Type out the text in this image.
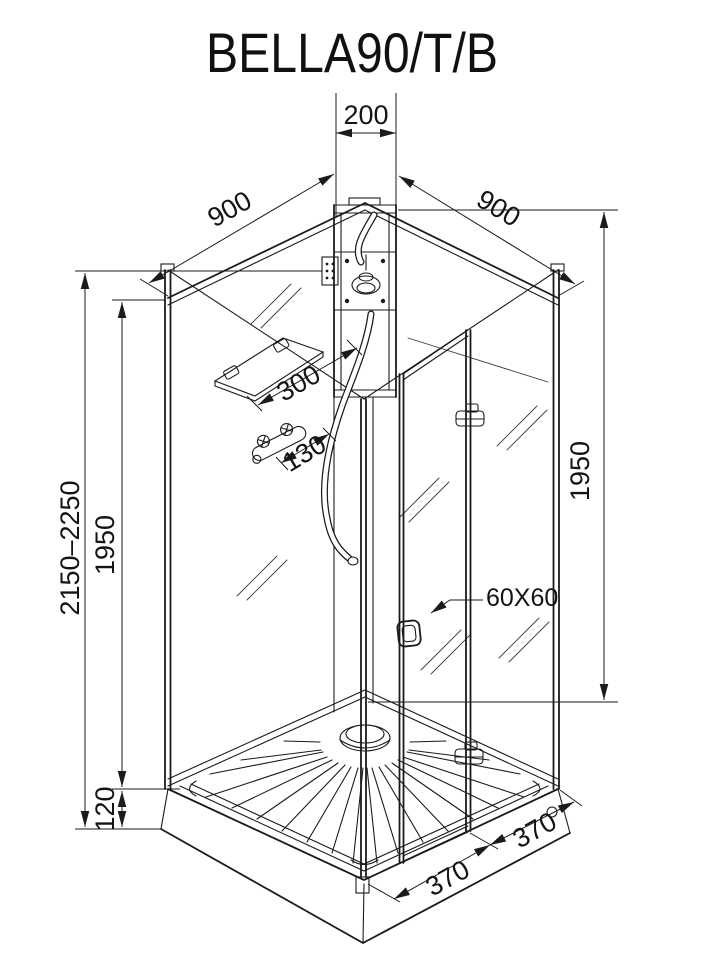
BELLA90/T/B
200
900	900
1950
2150–2250 1950
120
300
130
60X60
370
370
